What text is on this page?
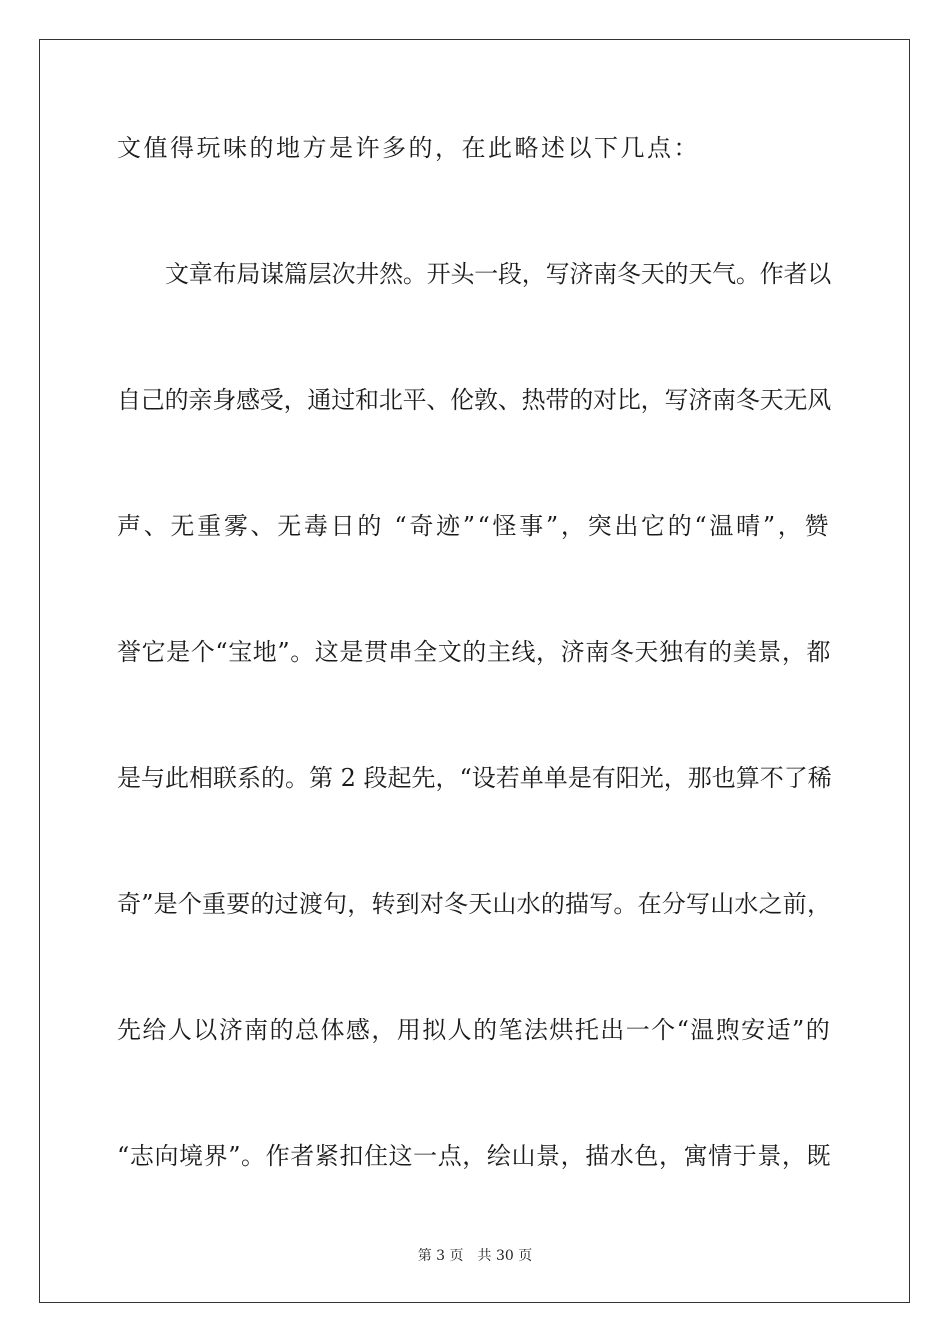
文值得玩味的地方是许多的，在此略述以下几点：
文章布局谋篇层次井然。开头一段，写济南冬天的天气。作者以
自己的亲身感受，通过和北平、伦敦、热带的对比，写济南冬天无风
声、无重雾、无毒日的 “奇迹”“怪事”，突出它的“温晴”，赞
誉它是个“宝地”。这是贯串全文的主线，济南冬天独有的美景，都
是与此相联系的。第 2 段起先，“设若单单是有阳光，那也算不了稀
奇”是个重要的过渡句，转到对冬天山水的描写。在分写山水之前，
先给人以济南的总体感，用拟人的笔法烘托出一个“温煦安适”的
“志向境界”。作者紧扣住这一点，绘山景，描水色，寓情于景，既
第 3 页 共 30 页
